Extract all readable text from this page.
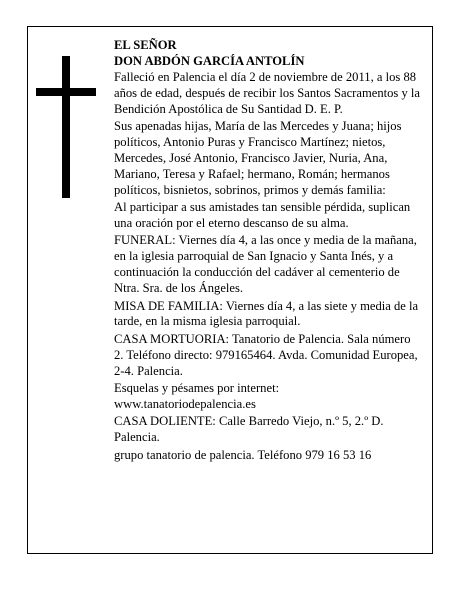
EL SEÑOR

DON ABDÓN GARCÍA ANTOLÍN

Falleció en Palencia el día 2 de noviembre de 2011, a los 88 años de edad, después de recibir los Santos Sacramentos y la Bendición Apostólica de Su Santidad D. E. P.

Sus apenadas hijas, María de las Mercedes y Juana; hijos políticos, Antonio Puras y Francisco Martínez; nietos, Mercedes, José Antonio, Francisco Javier, Nuria, Ana, Mariano, Teresa y Rafael; hermano, Román; hermanos políticos, bisnietos, sobrinos, primos y demás familia:

Al participar a sus amistades tan sensible pérdida, suplican una oración por el eterno descanso de su alma.

FUNERAL: Viernes día 4, a las once y media de la mañana, en la iglesia parroquial de San Ignacio y Santa Inés, y a continuación la conducción del cadáver al cementerio de Ntra. Sra. de los Ángeles.

MISA DE FAMILIA: Viernes día 4, a las siete y media de la tarde, en la misma iglesia parroquial.

CASA MORTUORIA: Tanatorio de Palencia. Sala número 2. Teléfono directo: 979165464. Avda. Comunidad Europea, 2-4. Palencia.

Esquelas y pésames por internet: www.tanatoriodepalencia.es

CASA DOLIENTE: Calle Barredo Viejo, n.º 5, 2.º D. Palencia.

grupo tanatorio de palencia. Teléfono 979 16 53 16
